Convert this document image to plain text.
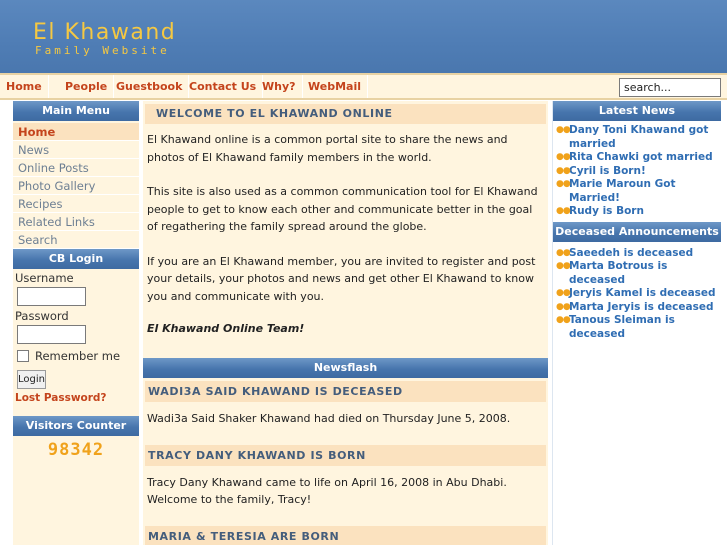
El Khawand
Family Website
Home	People Guestbook Contact Us Why?	WebMail
search...
Main Menu
Home
News
Online Posts
Photo Gallery
Recipes
Related Links
Search
CB Login
Username
Password
Remember me
Login
Lost Password?
Visitors Counter
98342
WELCOME TO EL KHAWAND ONLINE

El Khawand online is a common portal site to share the news and photos of El Khawand family members in the world.

This site is also used as a common communication tool for El Khawand people to get to know each other and communicate better in the goal of regathering the family spread around the globe.

If you are an El Khawand member, you are invited to register and post your details, your photos and news and get other El Khawand to know you and communicate with you.

El Khawand Online Team!

Newsflash
WADI3A SAID KHAWAND IS DECEASED

Wadi3a Said Shaker Khawand had died on Thursday June 5, 2008.

TRACY DANY KHAWAND IS BORN

Tracy Dany Khawand came to life on April 16, 2008 in Abu Dhabi. Welcome to the family, Tracy!

MARIA & TERESIA ARE BORN
Latest News
●● Dany Toni Khawand got married
●● Rita Chawki got married
●● Cyril is Born!
●● Marie Maroun Got Married!
●● Rudy is Born
Deceased Announcements
●● Saeedeh is deceased
●● Marta Botrous is deceased
●● Jeryis Kamel is deceased
●● Marta Jeryis is deceased
●● Tanous Sleiman is deceased
